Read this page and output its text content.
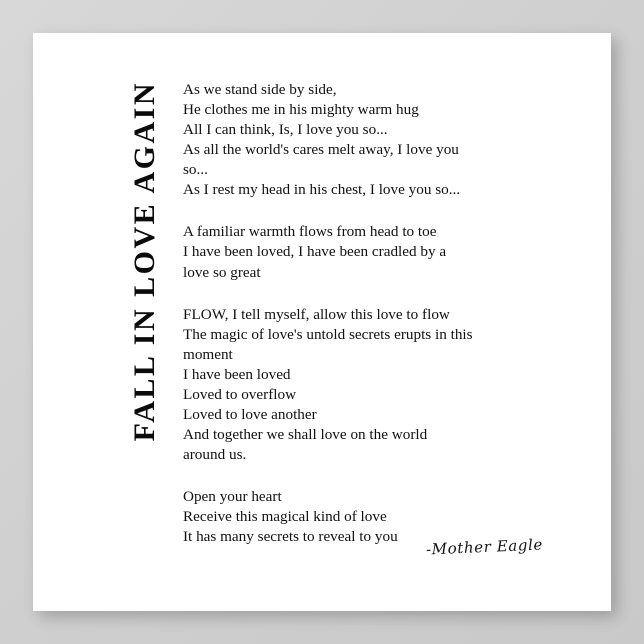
FALL IN LOVE AGAIN As we stand side by side,

He clothes me in his mighty warm hug

All I can think, Is, I love you so...

As all the world's cares melt away, I love you

so...

As I rest my head in his chest, I love you so...

A familiar warmth flows from head to toe

I have been loved, I have been cradled by a

love so great

FLOW, I tell myself, allow this love to flow

The magic of love's untold secrets erupts in this

moment

I have been loved

Loved to overflow

Loved to love another

And together we shall love on the world

around us.

Open your heart

Receive this magical kind of love

It has many secrets to reveal to you	-Mother Eagle
